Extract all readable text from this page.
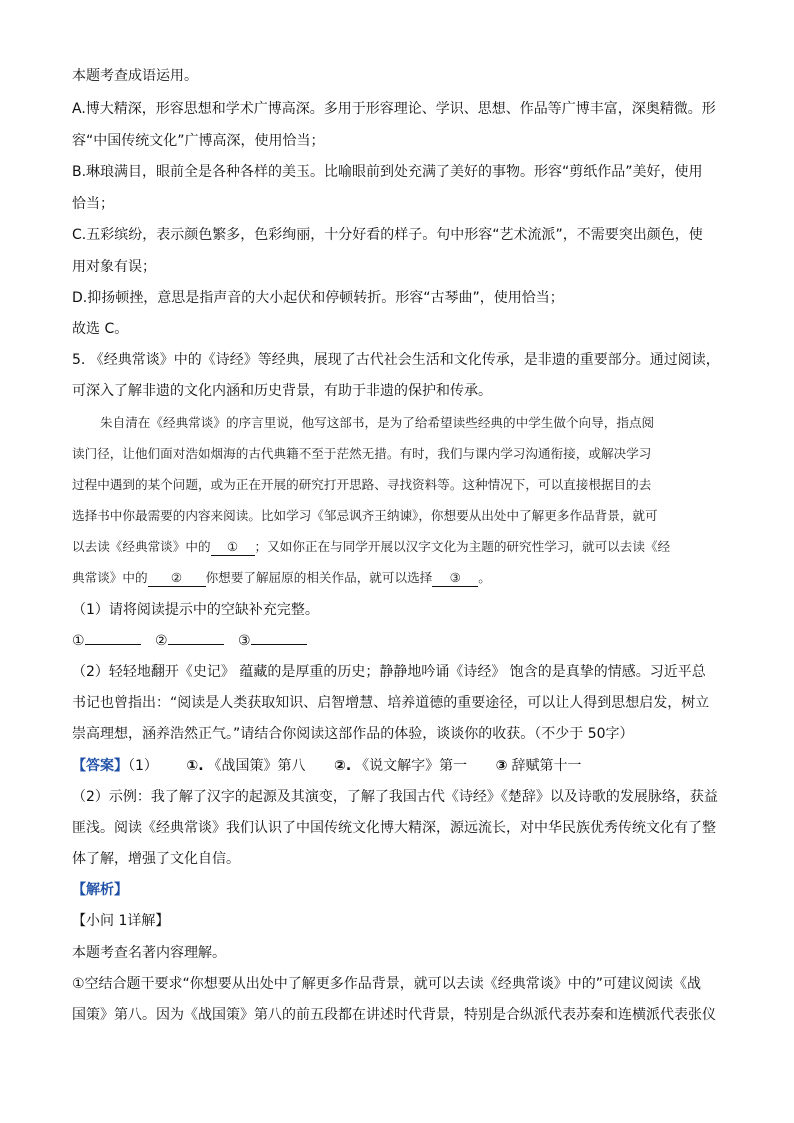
本题考查成语运用。
A.博大精深，形容思想和学术广博高深。多用于形容理论、学识、思想、作品等广博丰富，深奥精微。形
容“中国传统文化”广博高深，使用恰当；
B.琳琅满目，眼前全是各种各样的美玉。比喻眼前到处充满了美好的事物。形容“剪纸作品”美好，使用
恰当；
C.五彩缤纷，表示颜色繁多，色彩绚丽，十分好看的样子。句中形容“艺术流派”，不需要突出颜色，使
用对象有误；
D.抑扬顿挫，意思是指声音的大小起伏和停顿转折。形容“古琴曲”，使用恰当；
故选 C。
5. 《经典常谈》中的《诗经》等经典，展现了古代社会生活和文化传承，是非遗的重要部分。通过阅读，
可深入了解非遗的文化内涵和历史背景，有助于非遗的保护和传承。
朱自清在《经典常谈》的序言里说，他写这部书，是为了给希望读些经典的中学生做个向导，指点阅
读门径，让他们面对浩如烟海的古代典籍不至于茫然无措。有时，我们与课内学习沟通衔接，或解决学习
过程中遇到的某个问题，或为正在开展的研究打开思路、寻找资料等。这种情况下，可以直接根据目的去
选择书中你最需要的内容来阅读。比如学习《邹忌讽齐王纳谏》，你想要从出处中了解更多作品背景，就可
以去读《经典常谈》中的 ① ；又如你正在与同学开展以汉字文化为主题的研究性学习，就可以去读《经
典常谈》中的 ② 你想要了解屈原的相关作品，就可以选择 ③ 。
（1）请将阅读提示中的空缺补充完整。
①	②	③
（2）轻轻地翻开《史记》 蕴藏的是厚重的历史；静静地吟诵《诗经》 饱含的是真挚的情感。习近平总
书记也曾指出：“阅读是人类获取知识、启智增慧、培养道德的重要途径，可以让人得到思想启发，树立
崇高理想，涵养浩然正气。”请结合你阅读这部作品的体验，谈谈你的收获。（不少于 50字）
【答案】（1） ①. 《战国策》第八 ②. 《说文解字》第一 ③ 辞赋第十一
（2）示例：我了解了汉字的起源及其演变，了解了我国古代《诗经》《楚辞》以及诗歌的发展脉络，获益
匪浅。阅读《经典常谈》我们认识了中国传统文化博大精深，源远流长，对中华民族优秀传统文化有了整
体了解，增强了文化自信。
【解析】
【小问 1详解】
本题考查名著内容理解。
①空结合题干要求“你想要从出处中了解更多作品背景，就可以去读《经典常谈》中的”可建议阅读《战
国策》第八。因为《战国策》第八的前五段都在讲述时代背景，特别是合纵派代表苏秦和连横派代表张仪
